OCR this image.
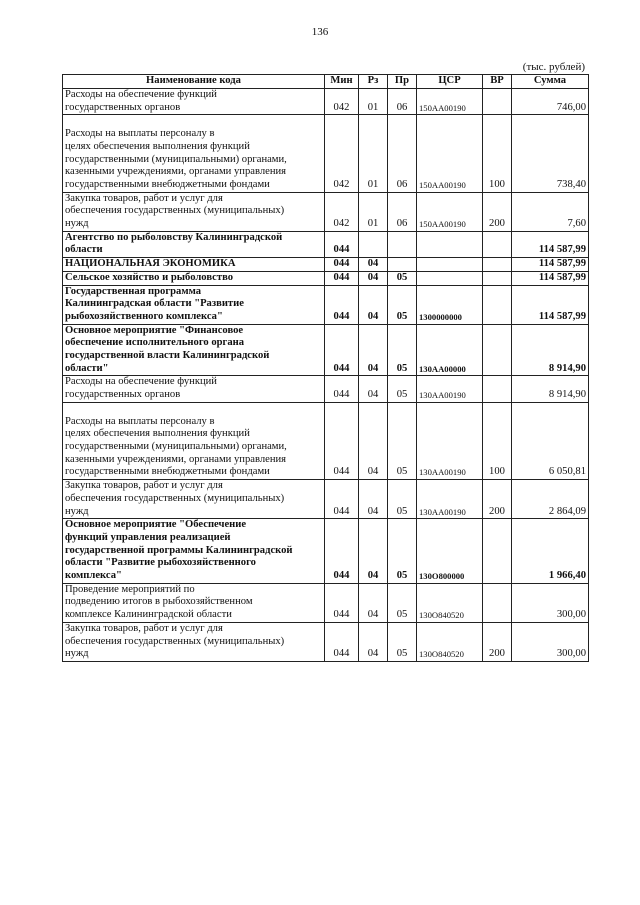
136
(тыс. рублей)
Наименование кода	Мин	Рз	Пр	ЦСР	ВР	Сумма
Расходы на обеспечение функций
государственных органов	042	01	06	150АА00190		746,00

Расходы на выплаты персоналу в
целях обеспечения выполнения функций
государственными (муниципальными) органами,
казенными учреждениями, органами управления
государственными внебюджетными фондами	042	01	06	150АА00190	100	738,40
Закупка товаров, работ и услуг для
обеспечения государственных (муниципальных)
нужд	042	01	06	150АА00190	200	7,60
Агентство по рыболовству Калининградской
области	044					114 587,99
НАЦИОНАЛЬНАЯ ЭКОНОМИКА	044	04				114 587,99
Сельское хозяйство и рыболовство	044	04	05			114 587,99
Государственная программа
Калининградская области "Развитие
рыбохозяйственного комплекса"	044	04	05	1300000000		114 587,99
Основное мероприятие "Финансовое
обеспечение исполнительного органа
государственной власти Калининградской
области"	044	04	05	130АА00000		8 914,90
Расходы на обеспечение функций
государственных органов	044	04	05	130АА00190		8 914,90

Расходы на выплаты персоналу в
целях обеспечения выполнения функций
государственными (муниципальными) органами,
казенными учреждениями, органами управления
государственными внебюджетными фондами	044	04	05	130АА00190	100	6 050,81
Закупка товаров, работ и услуг для
обеспечения государственных (муниципальных)
нужд	044	04	05	130АА00190	200	2 864,09
Основное мероприятие "Обеспечение
функций управления реализацией
государственной программы Калининградской
области "Развитие рыбохозяйственного
комплекса"	044	04	05	130О800000		1 966,40
Проведение мероприятий по
подведению итогов в рыбохозяйственном
комплексе Калининградской области	044	04	05	130О840520		300,00
Закупка товаров, работ и услуг для
обеспечения государственных (муниципальных)
нужд	044	04	05	130О840520	200	300,00
